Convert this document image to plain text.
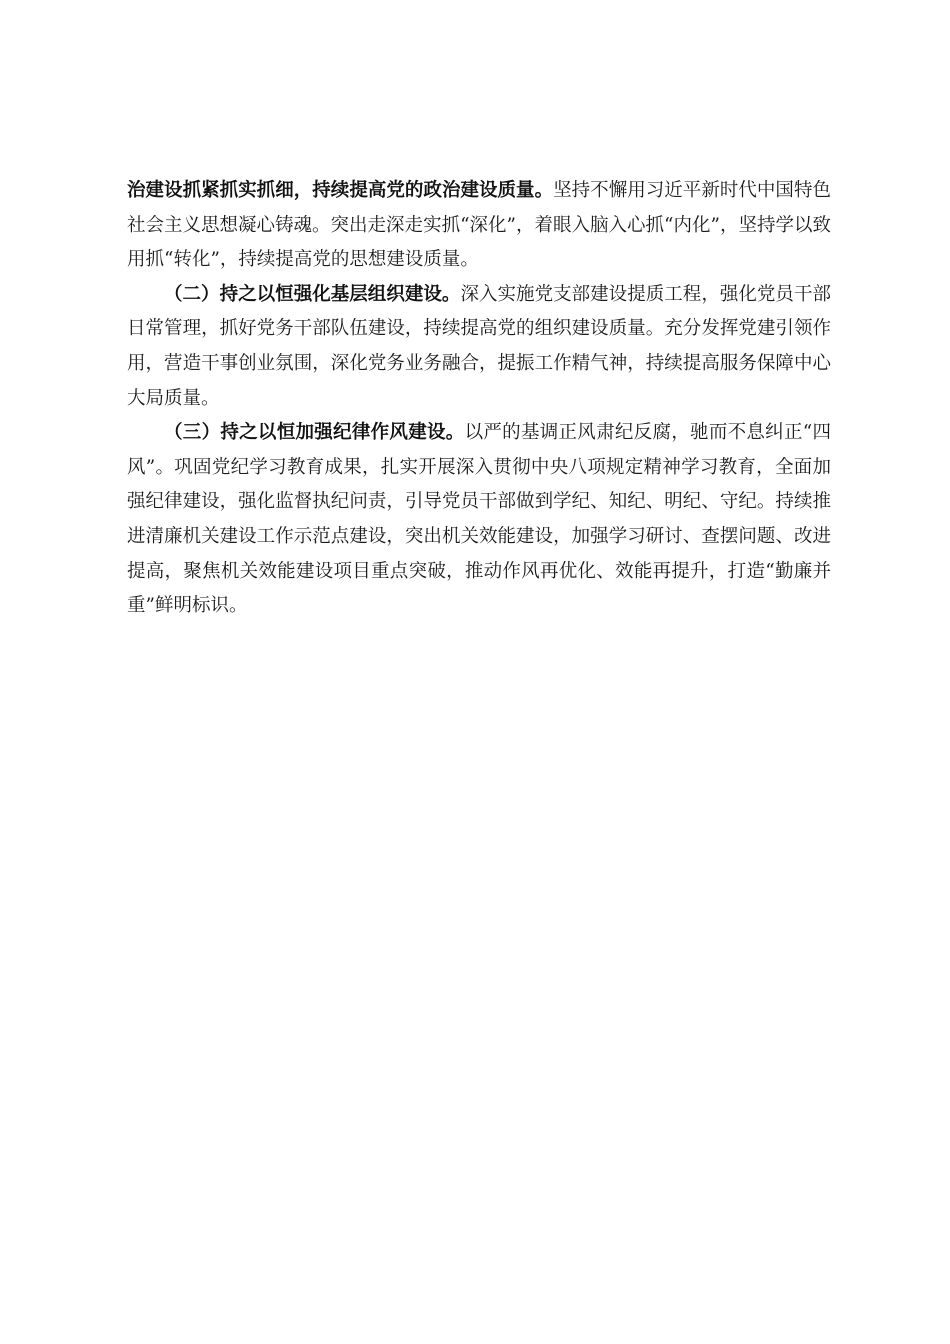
治建设抓紧抓实抓细，持续提高党的政治建设质量。坚持不懈用习近平新时代中国特色社会主义思想凝心铸魂。突出走深走实抓“深化”，着眼入脑入心抓“内化”，坚持学以致用抓“转化”，持续提高党的思想建设质量。

（二）持之以恒强化基层组织建设。深入实施党支部建设提质工程，强化党员干部日常管理，抓好党务干部队伍建设，持续提高党的组织建设质量。充分发挥党建引领作用，营造干事创业氛围，深化党务业务融合，提振工作精气神，持续提高服务保障中心大局质量。

（三）持之以恒加强纪律作风建设。以严的基调正风肃纪反腐，驰而不息纠正“四风”。巩固党纪学习教育成果，扎实开展深入贯彻中央八项规定精神学习教育，全面加强纪律建设，强化监督执纪问责，引导党员干部做到学纪、知纪、明纪、守纪。持续推进清廉机关建设工作示范点建设，突出机关效能建设，加强学习研讨、查摆问题、改进提高，聚焦机关效能建设项目重点突破，推动作风再优化、效能再提升，打造“勤廉并重”鲜明标识。
